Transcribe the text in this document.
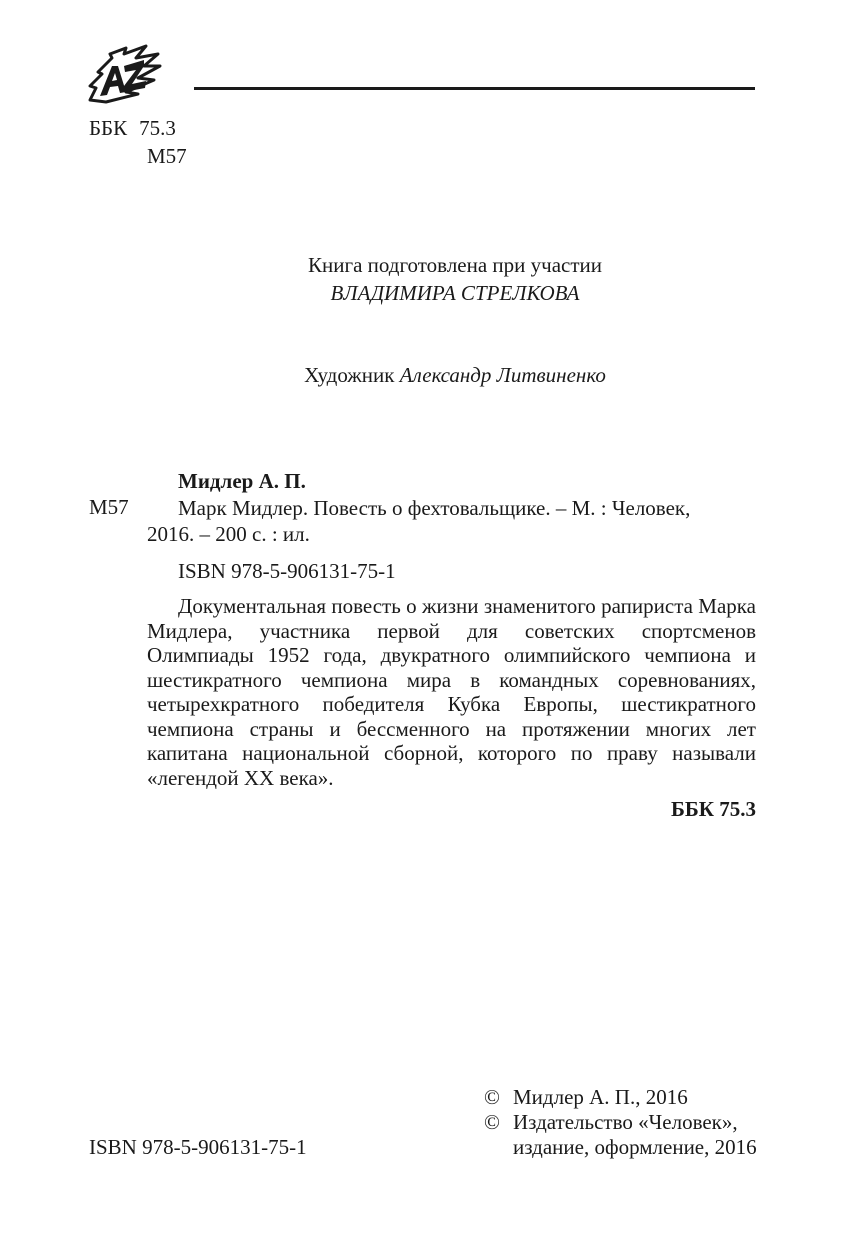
ББК 75.3
М57
Книга подготовлена при участии
ВЛАДИМИРА СТРЕЛКОВА
Художник Александр Литвиненко
Мидлер А. П.
М57 Марк Мидлер. Повесть о фехтовальщике. – М. : Человек,
2016. – 200 с. : ил.
ISBN 978-5-906131-75-1
Документальная повесть о жизни знаменитого рапириста Марка Мидлера, участника первой для советских спортсменов Олимпиады 1952 года, двукратного олимпийского чемпиона и шестикратного чемпиона мира в командных соревнованиях, четырехкратного победителя Кубка Европы, шестикратного чемпиона страны и бессменного на протяжении многих лет капитана национальной сборной, которого по праву называли «легендой XX века».
ББК 75.3
© Мидлер А. П., 2016
© Издательство «Человек»,
издание, оформление, 2016
ISBN 978-5-906131-75-1
